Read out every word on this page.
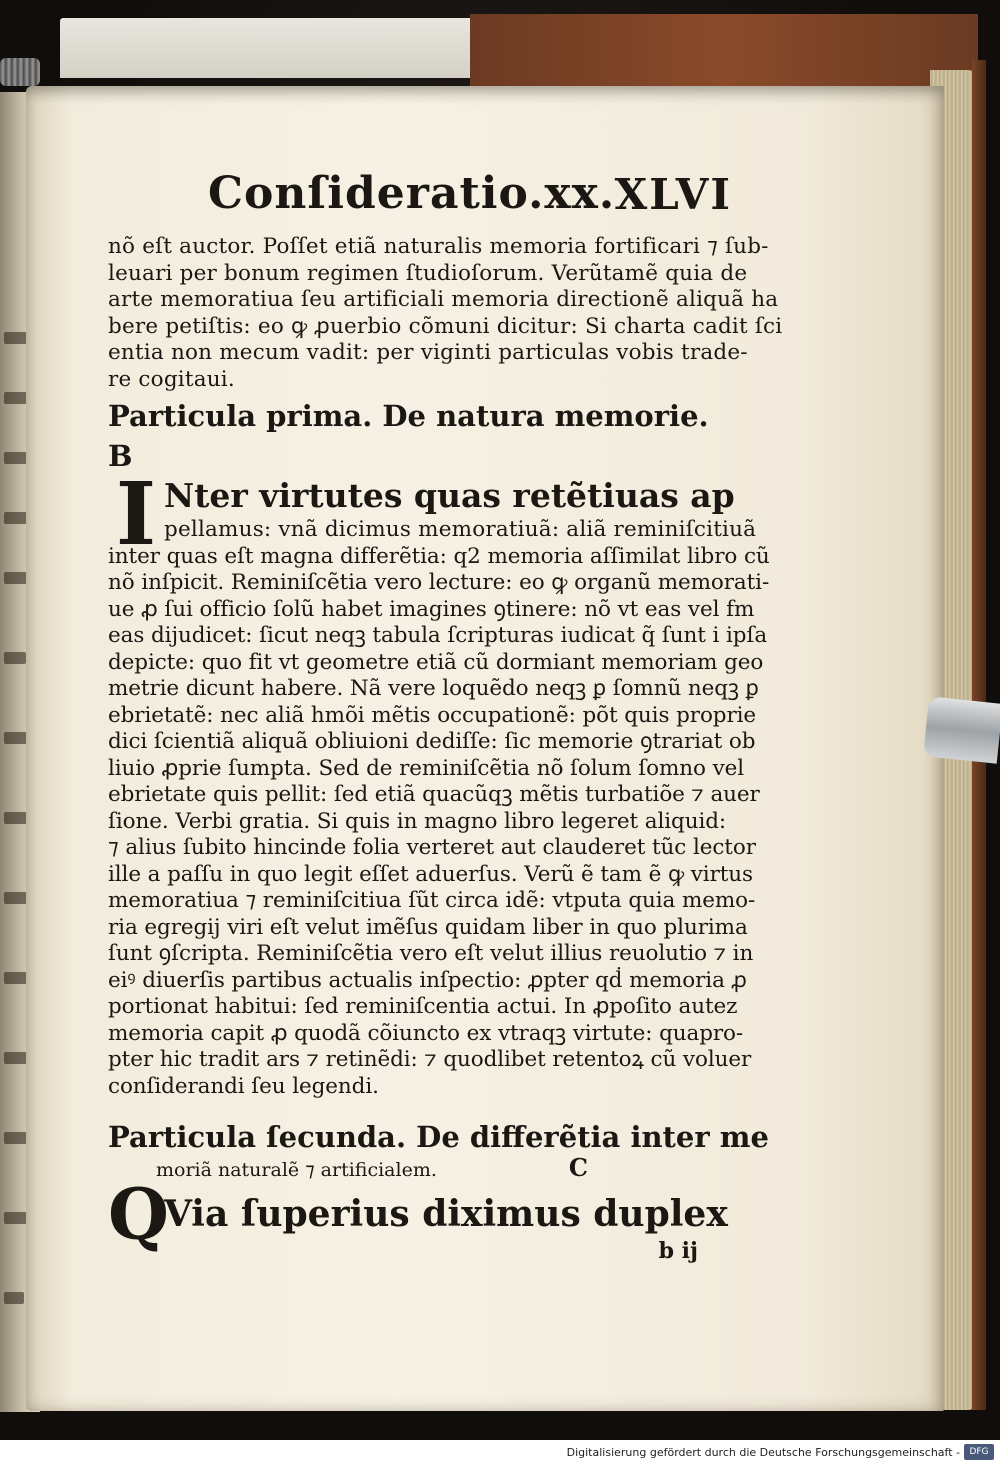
Conſideratio.xx. XLVI
nõ eſt auctor. Poſſet etiã naturalis memoria fortificari ⁊ ſub-
leuari per bonum regimen ſtudioſorum. Verũtamẽ quia de
arte memoratiua ſeu artificiali memoria directionẽ aliquã ha
bere petiſtis: eo ꝙ ꝓuerbio cõmuni dicitur: Si charta cadit ſci
entia non mecum vadit: per viginti particulas vobis trade-
re cogitaui.
Particula prima. De natura memorie.
B
I Nter virtutes quas retẽtiuas ap
pellamus: vnã dicimus memoratiuã: aliã reminiſcitiuã
inter quas eſt magna differẽtia: q2 memoria aſſimilat libro cũ
nõ inſpicit. Reminiſcẽtia vero lecture: eo ꝙ organũ memorati-
ue ꝓ ſui officio ſolũ habet imagines ꝯtinere: nõ vt eas vel fm
eas dijudicet: ſicut neqꝫ tabula ſcripturas iudicat q̃ ſunt i ipſa
depicte: quo fit vt geometre etiã cũ dormiant memoriam geo
metrie dicunt habere. Nã vere loquẽdo neqꝫ ꝑ ſomnũ neqꝫ ꝑ
ebrietatẽ: nec aliã hmõi mẽtis occupationẽ: põt quis proprie
dici ſcientiã aliquã obliuioni dediſſe: ſic memorie ꝯtrariat ob
liuio ꝓprie ſumpta. Sed de reminiſcẽtia nõ ſolum ſomno vel
ebrietate quis pellit: ſed etiã quacũqꝫ mẽtis turbatiõe ⁊ auer
ſione. Verbi gratia. Si quis in magno libro legeret aliquid:
⁊ alius ſubito hincinde folia verteret aut clauderet tũc lector
ille a paſſu in quo legit eſſet aduerſus. Verũ ẽ tam ẽ ꝙ virtus
memoratiua ⁊ reminiſcitiua ſũt circa idẽ: vtputa quia memo-
ria egregij viri eſt velut imẽſus quidam liber in quo plurima
ſunt ꝯſcripta. Reminiſcẽtia vero eſt velut illius reuolutio ⁊ in
eiꝰ diuerſis partibus actualis inſpectio: ꝓpter qḋ memoria ꝓ
portionat habitui: ſed reminiſcentia actui. In ꝓpoſito autez
memoria capit ꝓ quodã cõiuncto ex vtraqꝫ virtute: quapro-
pter hic tradit ars ⁊ retinẽdi: ⁊ quodlibet retentoꝝ cũ voluer
conſiderandi ſeu legendi.
Particula ſecunda. De differẽtia inter me
moriã naturalẽ ⁊ artificialem.	C
Q
Via ſuperius diximus duplex
b ij
Digitalisierung gefördert durch die Deutsche Forschungsgemeinschaft -	DFG
